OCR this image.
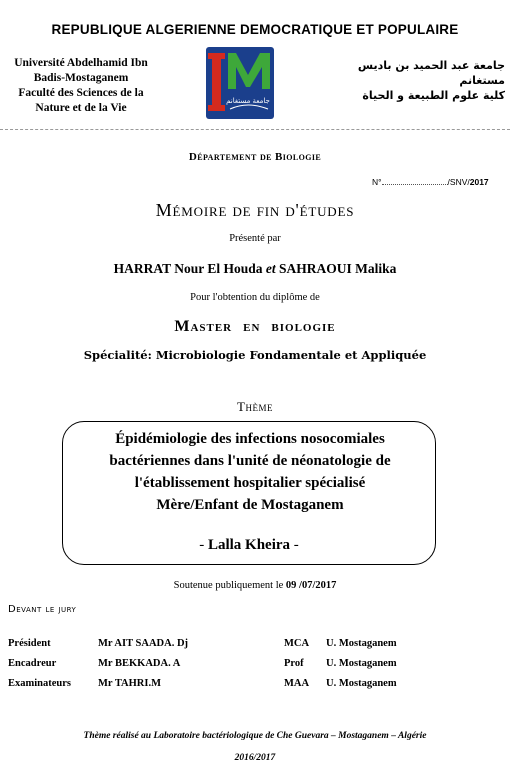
REPUBLIQUE ALGERIENNE DEMOCRATIQUE ET POPULAIRE
Université Abdelhamid Ibn
Badis-Mostaganem
Faculté des Sciences de la
Nature et de la Vie
جامعة مستغانم
جامعة عبد الحميد بن باديس
مستغانم
كلية علوم الطبيعة و الحياة
Département de Biologie
N°	/SNV/2017
Mémoire de fin d'études
Présenté par
HARRAT Nour El Houda et SAHRAOUI Malika
Pour l'obtention du diplôme de
Master en biologie
Spécialité: Microbiologie Fondamentale et Appliquée
Thème
Épidémiologie des infections nosocomiales
bactériennes dans l'unité de néonatologie de
l'établissement hospitalier spécialisé
Mère/Enfant de Mostaganem
- Lalla Kheira -
Soutenue publiquement le 09 /07/2017
Devant le jury
Président	Mr AIT SAADA. Dj	MCA U. Mostaganem
Encadreur	Mr BEKKADA. A	Prof U. Mostaganem
Examinateurs	Mr TAHRI.M	MAA U. Mostaganem
Thème réalisé au Laboratoire bactériologique de Che Guevara – Mostaganem – Algérie
2016/2017
